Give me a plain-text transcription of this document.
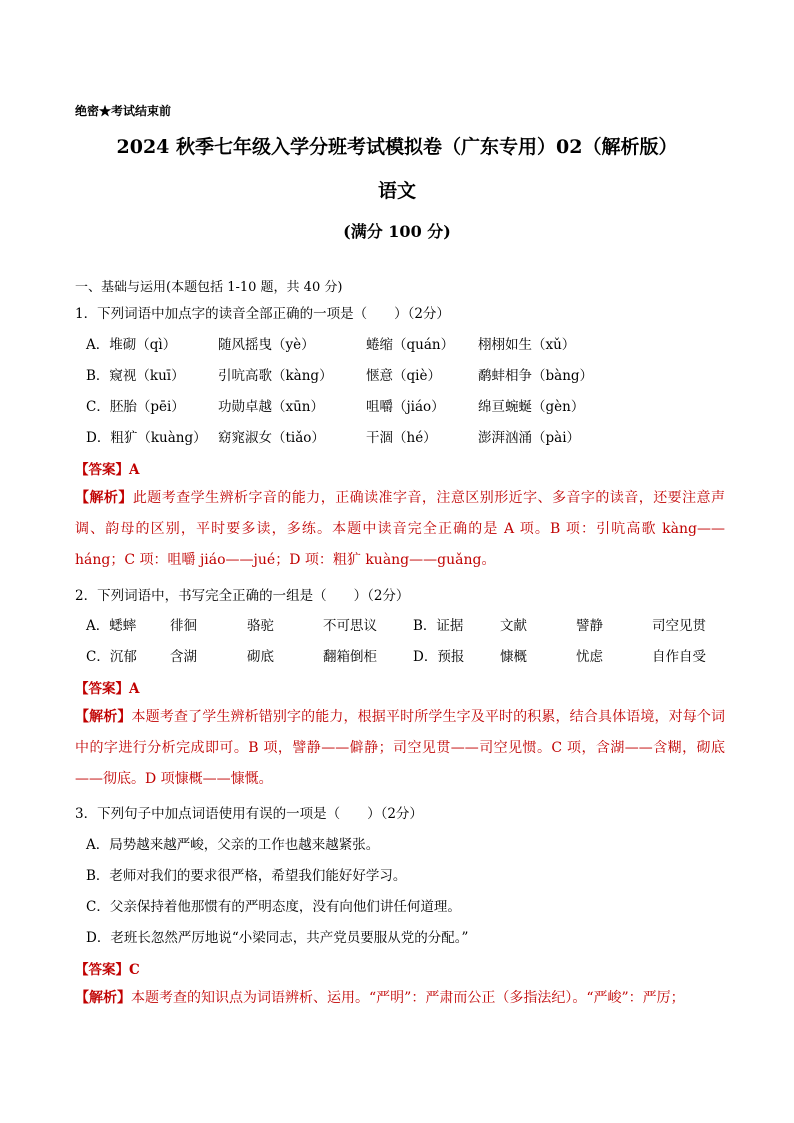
绝密★考试结束前
2024 秋季七年级入学分班考试模拟卷（广东专用）02（解析版）
语文
(满分 100 分)
一、基础与运用(本题包括 1-10 题，共 40 分)
1．下列词语中加点字的读音全部正确的一项是（　　）（2分）
A．堆砌（qì）	随风摇曳（yè）	蜷缩（quán） 栩栩如生（xǔ）
B．窥视（kuī） 引吭高歌（kàng） 惬意（qiè）	鹬蚌相争（bàng）
C．胚胎（pēi） 功勋卓越（xūn）	咀嚼（jiáo） 绵亘蜿蜒（gèn）
D．粗犷（kuàng） 窈窕淑女（tiǎo）	干涸（hé）	澎湃汹涌（pài）
【答案】A
【解析】此题考查学生辨析字音的能力，正确读准字音，注意区别形近字、多音字的读音，还要注意声调、韵母的区别，平时要多读，多练。本题中读音完全正确的是 A 项。B 项：引吭高歌 kàng——háng；C 项：咀嚼 jiáo——jué；D 项：粗犷 kuàng——guǎng。
2．下列词语中，书写完全正确的一组是（　　）（2分）
A．蟋蟀	徘徊	骆驼	不可思议	B．证据	文献	譬静	司空见贯
C．沉郁 含湖	砌底	翻箱倒柜	D．预报	慷概	忧虑	自作自受
【答案】A
【解析】本题考查了学生辨析错别字的能力，根据平时所学生字及平时的积累，结合具体语境，对每个词中的字进行分析完成即可。B 项，譬静——僻静；司空见贯——司空见惯。C 项，含湖——含糊，砌底——彻底。D 项慷概——慷慨。
3．下列句子中加点词语使用有误的一项是（　　）（2分）
A．局势越来越严峻，父亲的工作也越来越紧张。
B．老师对我们的要求很严格，希望我们能好好学习。
C．父亲保持着他那惯有的严明态度，没有向他们讲任何道理。
D．老班长忽然严厉地说“小梁同志，共产党员要服从党的分配。”
【答案】C
【解析】本题考查的知识点为词语辨析、运用。“严明”：严肃而公正（多指法纪）。“严峻”：严厉；
